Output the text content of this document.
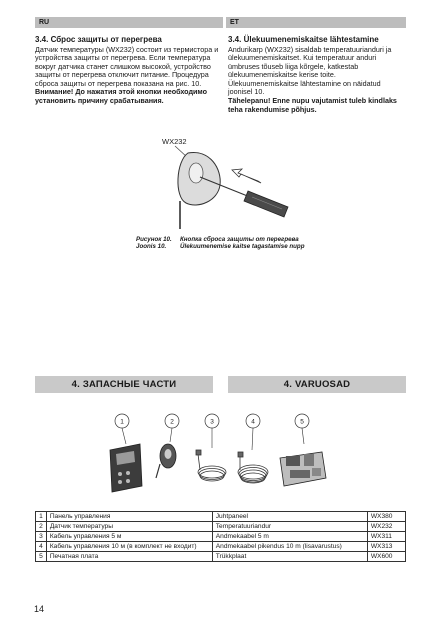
RU	ET
3.4. Сброс защиты от перегрева

Датчик температуры (WX232) состоит из термистора и устройства защиты от перегрева. Если температура вокруг датчика станет слишком высокой, устройство защиты от перегрева отключит питание. Процедура сброса защиты от перегрева показана на рис. 10.

Внимание! До нажатия этой кнопки необходимо установить причину срабатывания.

3.4. Ülekuumenemiskaitse lähtestamine

Andurikarp (WX232) sisaldab temperatuurianduri ja ülekuumenemiskaitset. Kui temperatuur anduri ümbruses tõuseb liiga kõrgele, katkestab ülekuumenemiskaitse kerise toite. Ülekuumenemiskaitse lähtestamine on näidatud joonisel 10.

Tähelepanu! Enne nupu vajutamist tuleb kindlaks teha rakendumise põhjus.

WX232
Рисунок 10. Кнопка сброса защиты от перегрева
Joonis 10. Ülekuumenemise kaitse tagastamise nupp
4. ЗАПАСНЫЕ ЧАСТИ	4. VARUOSAD
1	2	3	4	5
1	Панель управления	Juhtpaneel	WX380
2	Датчик температуры	Temperatuuriandur	WX232
3	Кабель управления 5 м	Andmekaabel 5 m	WX311
4	Кабель управления 10 м (в комплект не входит)	Andmekaabel pikendus 10 m (lisavarustus)	WX313
5	Печатная плата	Trükkplaat	WX600
14
